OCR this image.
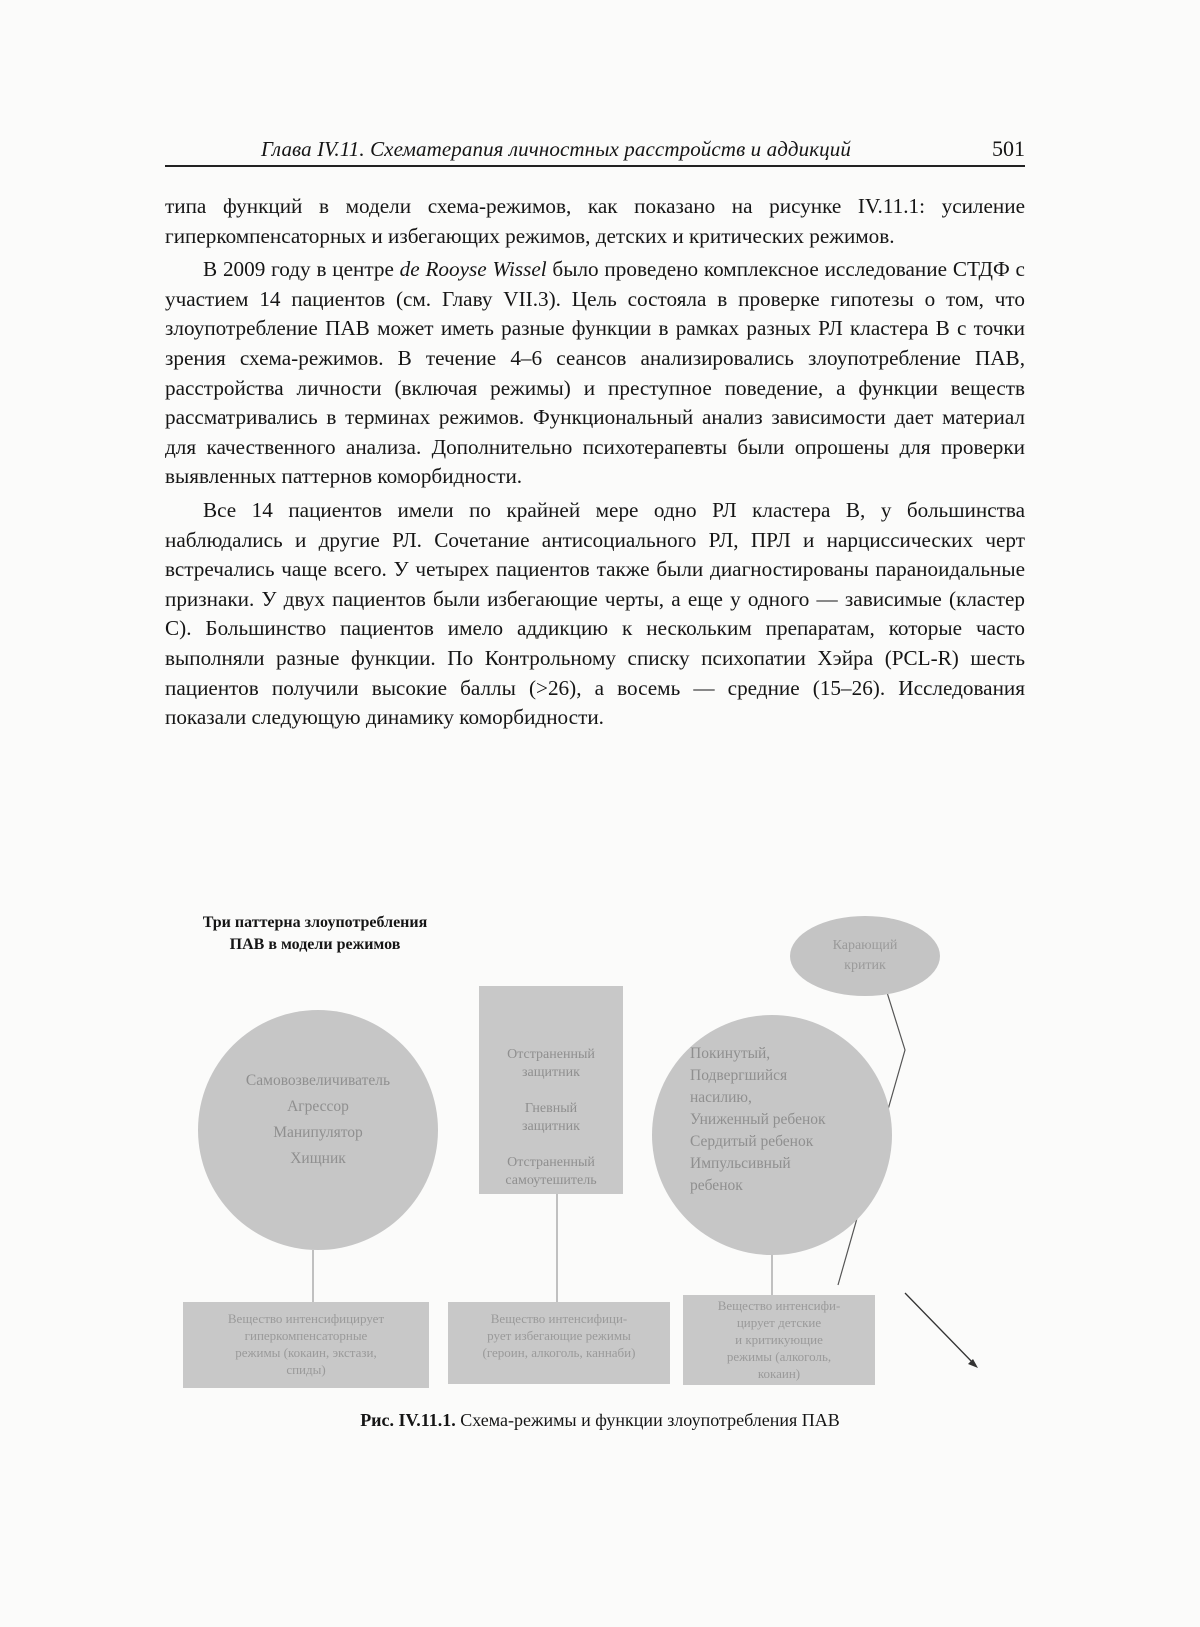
Глава IV.11. Схематерапия личностных расстройств и аддикций	501

типа функций в модели схема-режимов, как показано на рисунке IV.11.1: усиление гиперкомпенсаторных и избегающих режимов, детских и критических режимов.

В 2009 году в центре de Rooyse Wissel было проведено комплексное исследование СТДФ с участием 14 пациентов (см. Главу VII.3). Цель состояла в проверке гипотезы о том, что злоупотребление ПАВ может иметь разные функции в рамках разных РЛ кластера В с точки зрения схема-режимов. В течение 4–6 сеансов анализировались злоупотребление ПАВ, расстройства личности (включая режимы) и преступное поведение, а функции веществ рассматривались в терминах режимов. Функциональный анализ зависимости дает материал для качественного анализа. Дополнительно психотерапевты были опрошены для проверки выявленных паттернов коморбидности.

Все 14 пациентов имели по крайней мере одно РЛ кластера В, у большинства наблюдались и другие РЛ. Сочетание антисоциального РЛ, ПРЛ и нарциссических черт встречались чаще всего. У четырех пациентов также были диагностированы параноидальные признаки. У двух пациентов были избегающие черты, а еще у одного — зависимые (кластер С). Большинство пациентов имело аддикцию к нескольким препаратам, которые часто выполняли разные функции. По Контрольному списку психопатии Хэйра (PCL-R) шесть пациентов получили высокие баллы (>26), а восемь — средние (15–26). Исследования показали следующую динамику коморбидности.

Три паттерна злоупотребления
ПАВ в модели режимов	Карающий
критик
Самовозвеличиватель
Агрессор
Манипулятор
Хищник
Отстраненный
защитник
Гневный
защитник
Отстраненный
самоутешитель
Покинутый,
Подвергшийся
насилию,
Униженный ребенок
Сердитый ребенок
Импульсивный
ребенок
Вещество интенсифицирует
гиперкомпенсаторные
режимы (кокаин, экстази,
спиды)
Вещество интенсифици-
рует избегающие режимы
(героин, алкоголь, каннаби)
Вещество интенсифи-
цирует детские
и критикующие
режимы (алкоголь,
кокаин)
Рис. IV.11.1. Схема-режимы и функции злоупотребления ПАВ
